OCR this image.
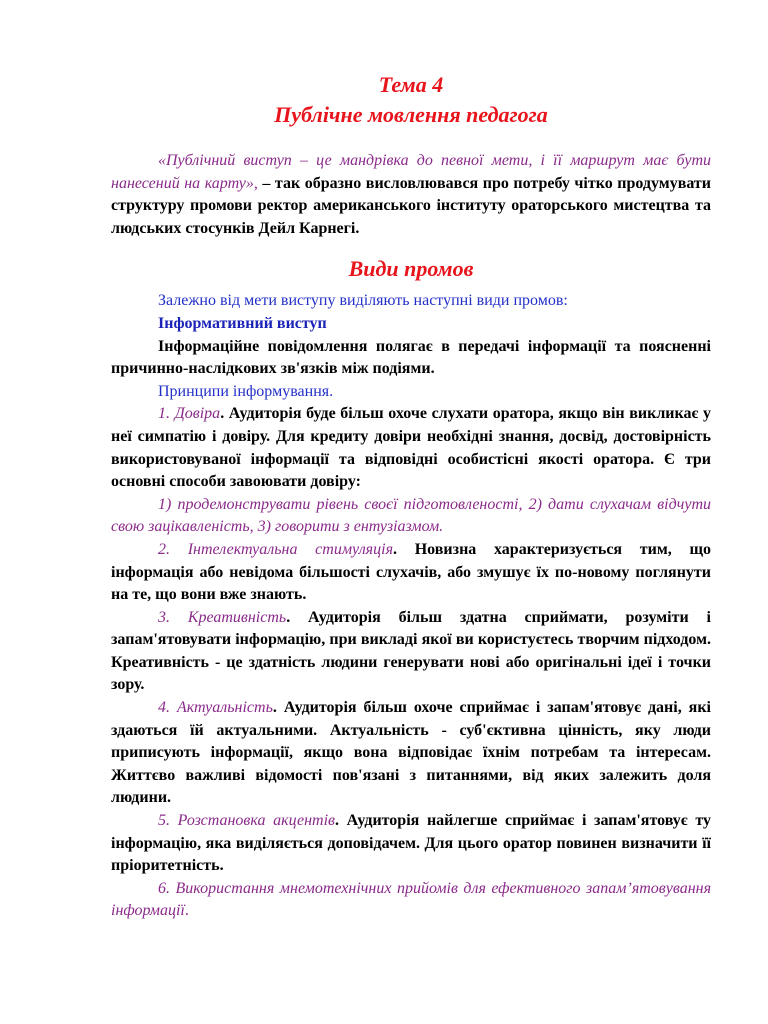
Тема 4
Публічне мовлення педагога

«Публічний виступ – це мандрівка до певної мети, і її маршрут має бути нанесений на карту», – так образно висловлювався про потребу чітко продумувати структуру промови ректор американського інституту ораторського мистецтва та людських стосунків Дейл Карнегі.

Види промов

Залежно від мети виступу виділяють наступні види промов:

Інформативний виступ

Інформаційне повідомлення полягає в передачі інформації та поясненні причинно-наслідкових зв'язків між подіями.

Принципи інформування.

1. Довіра. Аудиторія буде більш охоче слухати оратора, якщо він викликає у неї симпатію і довіру. Для кредиту довіри необхідні знання, досвід, достовірність використовуваної інформації та відповідні особистісні якості оратора. Є три основні способи завоювати довіру:

1) продемонструвати рівень своєї підготовленості, 2) дати слухачам відчути свою зацікавленість, 3) говорити з ентузіазмом.

2. Інтелектуальна стимуляція. Новизна характеризується тим, що інформація або невідома більшості слухачів, або змушує їх по-новому поглянути на те, що вони вже знають.

3. Креативність. Аудиторія більш здатна сприймати, розуміти і запам'ятовувати інформацію, при викладі якої ви користуєтесь творчим підходом. Креативність - це здатність людини генерувати нові або оригінальні ідеї і точки зору.

4. Актуальність. Аудиторія більш охоче сприймає і запам'ятовує дані, які здаються їй актуальними. Актуальність - суб'єктивна цінність, яку люди приписують інформації, якщо вона відповідає їхнім потребам та інтересам. Життєво важливі відомості пов'язані з питаннями, від яких залежить доля людини.

5. Розстановка акцентів. Аудиторія найлегше сприймає і запам'ятовує ту інформацію, яка виділяється доповідачем. Для цього оратор повинен визначити її пріоритетність.

6. Використання мнемотехнічних прийомів для ефективного запам’ятовування інформації.
